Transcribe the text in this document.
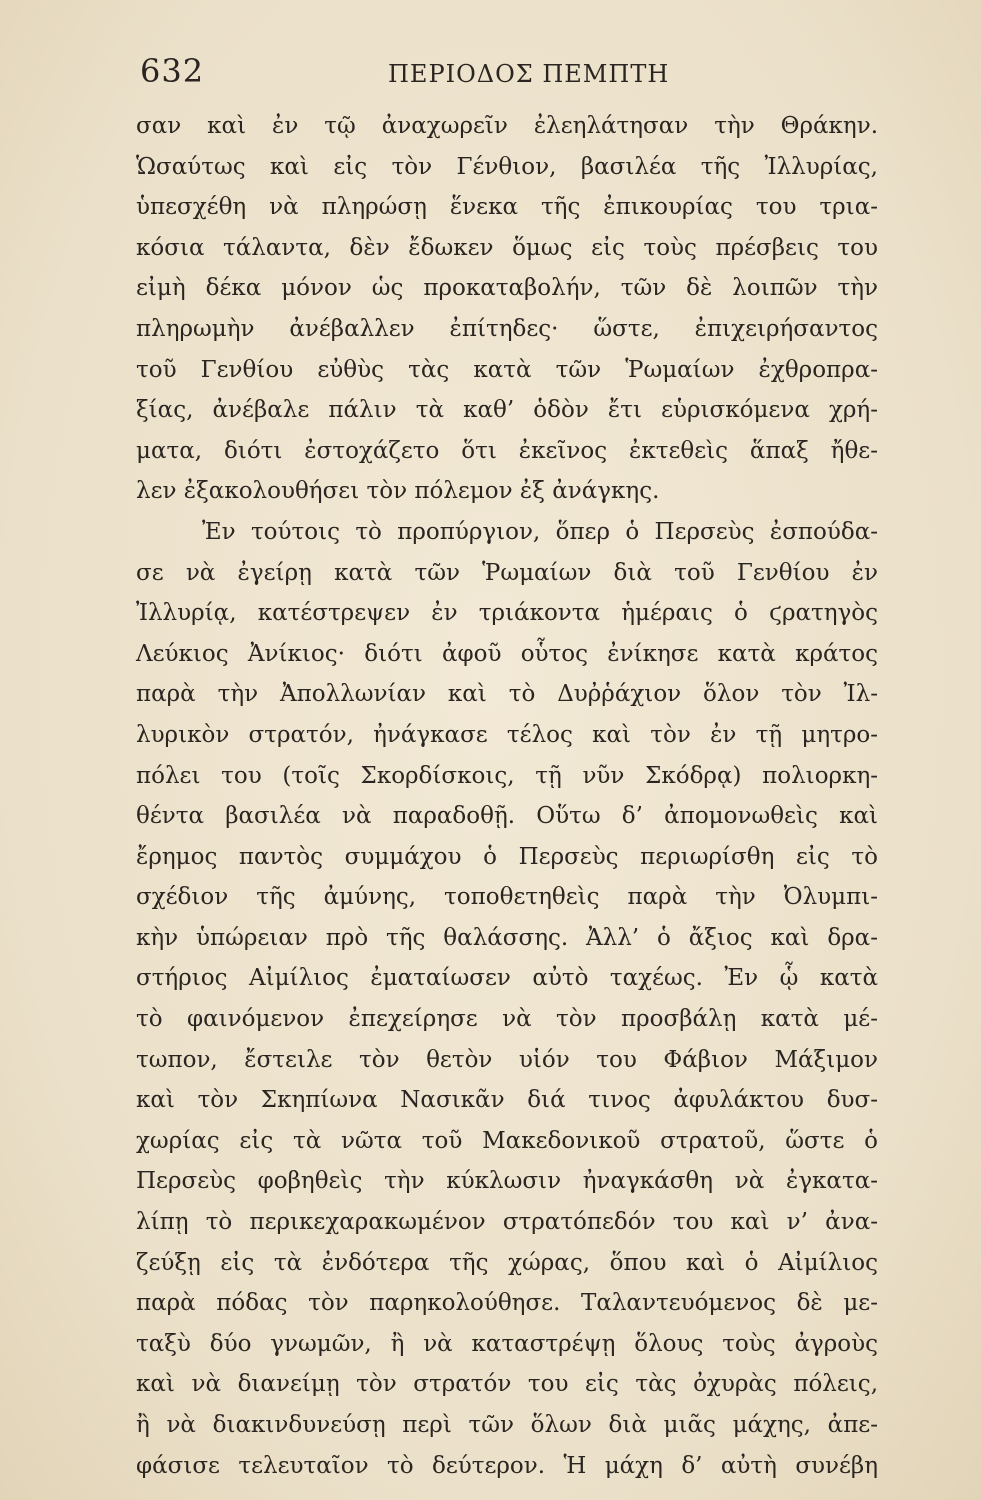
632	ΠΕΡΙΟΔΟΣ ΠΕΜΠΤΗ
σαν καὶ ἐν τῷ ἀναχωρεῖν ἐλεηλάτησαν τὴν Θράκην.
Ὡσαύτως καὶ εἰς τὸν Γένθιον, βασιλέα τῆς Ἰλλυρίας,
ὑπεσχέθη νὰ πληρώσῃ ἕνεκα τῆς ἐπικουρίας του τρια-
κόσια τάλαντα, δὲν ἔδωκεν ὅμως εἰς τοὺς πρέσβεις του
εἰμὴ δέκα μόνον ὡς προκαταβολήν, τῶν δὲ λοιπῶν τὴν
πληρωμὴν ἀνέβαλλεν ἐπίτηδες· ὥστε, ἐπιχειρήσαντος
τοῦ Γενθίου εὐθὺς τὰς κατὰ τῶν Ῥωμαίων ἐχθροπρα-
ξίας, ἀνέβαλε πάλιν τὰ καθ’ ὁδὸν ἔτι εὑρισκόμενα χρή-
ματα, διότι ἐστοχάζετο ὅτι ἐκεῖνος ἐκτεθεὶς ἅπαξ ἤθε-
λεν ἐξακολουθήσει τὸν πόλεμον ἐξ ἀνάγκης.
Ἐν τούτοις τὸ προπύργιον, ὅπερ ὁ Περσεὺς ἐσπούδα-
σε νὰ ἐγείρῃ κατὰ τῶν Ῥωμαίων διὰ τοῦ Γενθίου ἐν
Ἰλλυρίᾳ, κατέστρεψεν ἐν τριάκοντα ἡμέραις ὁ ϛρατηγὸς
Λεύκιος Ἀνίκιος· διότι ἀφοῦ οὗτος ἐνίκησε κατὰ κράτος
παρὰ τὴν Ἀπολλωνίαν καὶ τὸ Δυῤῥάχιον ὅλον τὸν Ἰλ-
λυρικὸν στρατόν, ἠνάγκασε τέλος καὶ τὸν ἐν τῇ μητρο-
πόλει του (τοῖς Σκορδίσκοις, τῇ νῦν Σκόδρᾳ) πολιορκη-
θέντα βασιλέα νὰ παραδοθῇ. Οὕτω δ’ ἀπομονωθεὶς καὶ
ἔρημος παντὸς συμμάχου ὁ Περσεὺς περιωρίσθη εἰς τὸ
σχέδιον τῆς ἀμύνης, τοποθετηθεὶς παρὰ τὴν Ὀλυμπι-
κὴν ὑπώρειαν πρὸ τῆς θαλάσσης. Ἀλλ’ ὁ ἄξιος καὶ δρα-
στήριος Αἰμίλιος ἐματαίωσεν αὐτὸ ταχέως. Ἐν ᾧ κατὰ
τὸ φαινόμενον ἐπεχείρησε νὰ τὸν προσβάλῃ κατὰ μέ-
τωπον, ἔστειλε τὸν θετὸν υἱόν του Φάβιον Μάξιμον
καὶ τὸν Σκηπίωνα Νασικᾶν διά τινος ἀφυλάκτου δυσ-
χωρίας εἰς τὰ νῶτα τοῦ Μακεδονικοῦ στρατοῦ, ὥστε ὁ
Περσεὺς φοβηθεὶς τὴν κύκλωσιν ἠναγκάσθη νὰ ἐγκατα-
λίπῃ τὸ περικεχαρακωμένον στρατόπεδόν του καὶ ν’ ἀνα-
ζεύξῃ εἰς τὰ ἐνδότερα τῆς χώρας, ὅπου καὶ ὁ Αἰμίλιος
παρὰ πόδας τὸν παρηκολούθησε. Ταλαντευόμενος δὲ με-
ταξὺ δύο γνωμῶν, ἢ νὰ καταστρέψῃ ὅλους τοὺς ἀγροὺς
καὶ νὰ διανείμῃ τὸν στρατόν του εἰς τὰς ὀχυρὰς πόλεις,
ἢ νὰ διακινδυνεύσῃ περὶ τῶν ὅλων διὰ μιᾶς μάχης, ἀπε-
φάσισε τελευταῖον τὸ δεύτερον. Ἡ μάχη δ’ αὐτὴ συνέβη
